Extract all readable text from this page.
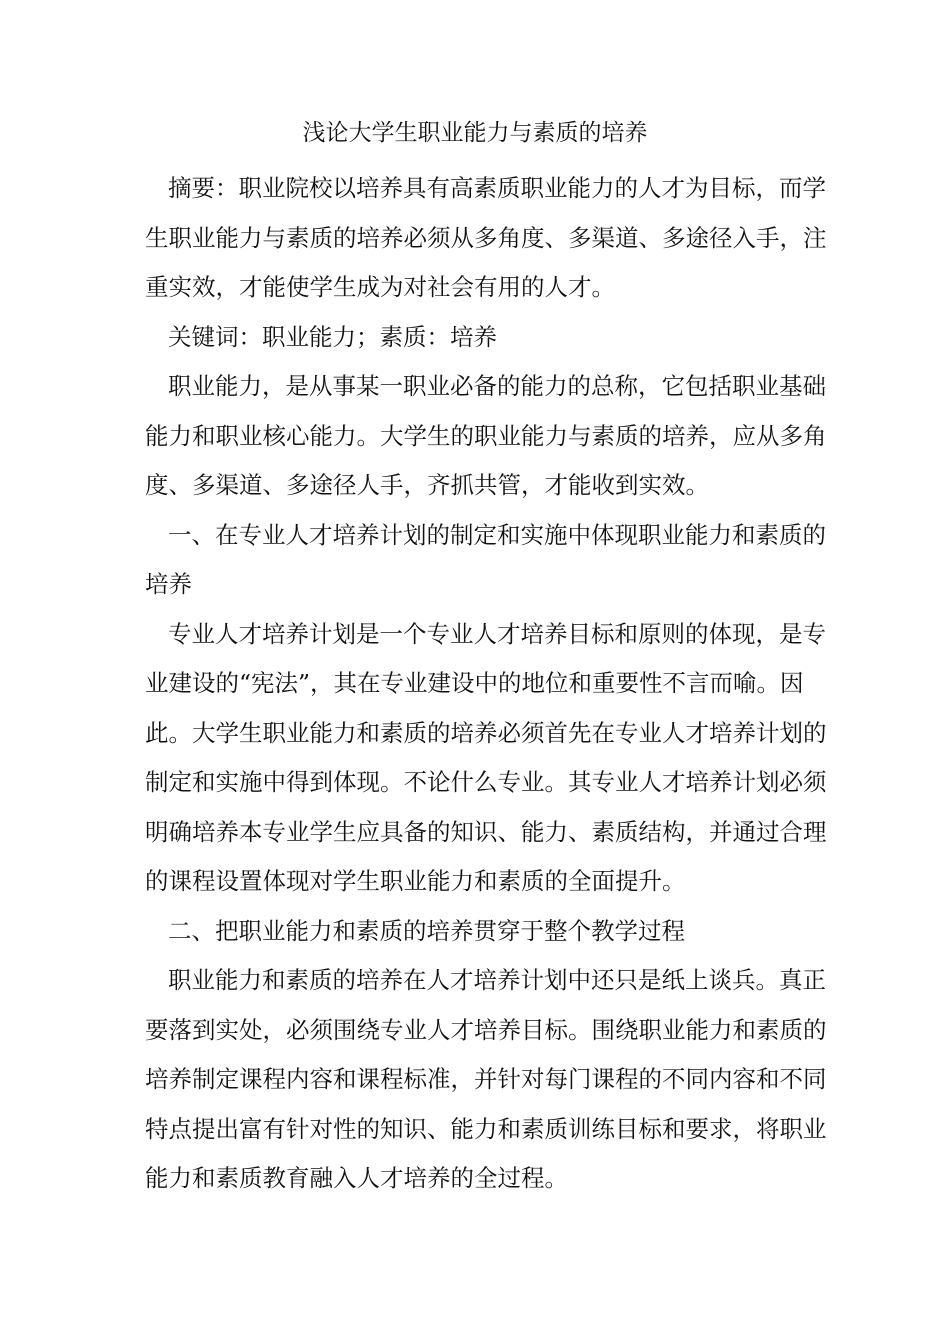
浅论大学生职业能力与素质的培养
摘要：职业院校以培养具有高素质职业能力的人才为目标，而学
生职业能力与素质的培养必须从多角度、多渠道、多途径入手，注
重实效，才能使学生成为对社会有用的人才。
关键词：职业能力；素质：培养
职业能力，是从事某一职业必备的能力的总称，它包括职业基础
能力和职业核心能力。大学生的职业能力与素质的培养，应从多角
度、多渠道、多途径人手，齐抓共管，才能收到实效。
一、在专业人才培养计划的制定和实施中体现职业能力和素质的
培养
专业人才培养计划是一个专业人才培养目标和原则的体现，是专
业建设的“宪法”，其在专业建设中的地位和重要性不言而喻。因
此。大学生职业能力和素质的培养必须首先在专业人才培养计划的
制定和实施中得到体现。不论什么专业。其专业人才培养计划必须
明确培养本专业学生应具备的知识、能力、素质结构，并通过合理
的课程设置体现对学生职业能力和素质的全面提升。
二、把职业能力和素质的培养贯穿于整个教学过程
职业能力和素质的培养在人才培养计划中还只是纸上谈兵。真正
要落到实处，必须围绕专业人才培养目标。围绕职业能力和素质的
培养制定课程内容和课程标准，并针对每门课程的不同内容和不同
特点提出富有针对性的知识、能力和素质训练目标和要求，将职业
能力和素质教育融入人才培养的全过程。
